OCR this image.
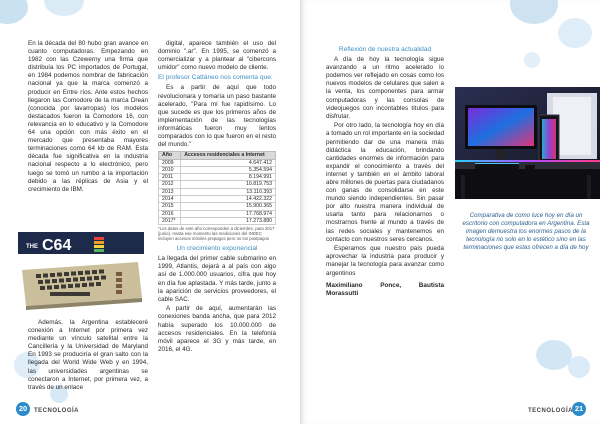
En la década del 80 hubo gran avance en cuanto computadoras. Empezando en 1982 con las Czewerny una firma que distribuía los PC importados de Portugal, en 1984 podemos nombrar de fabricación nacional ya que la marca comenzó a producir en Entre ríos. Ante estos hechos llegaron las Comodore de la marca Drean (conocida por lavarropas) los modelos destacados fueron la Comodore 16, con relevancia en lo educativo y la Comodore 64 una opción con más éxito en el mercado que presentaba mayores terminaciones como 64 kb de RAM. Esta década fue significativa en la industria nacional respecto a lo electrónico, pero luego se tomó un rumbo a la importación debido a las réplicas de Asia y el crecimiento de IBM.

THE C64

Además, la Argentina estableceré conexión a Internet por primera vez mediante un vínculo satelital entre la Cancillería y la Universidad de Maryland En 1993 se produciría el gran salto con la llegada del World Wide Web y en 1994, las universidades argentinas se conectaron a Internet, por primera vez, a través de un enlace

digital, aparece también el uso del dominio ".ar". En 1995, se comenzó a comercializar y a plantear al "cibercons umidor" como nuevo modelo de cliente.

El profesor Cattáneo nos comenta que:

Es a partir de aquí que todo revolucionara y tomaría un paso bastante acelerado, "Para mí fue rapidísimo. Lo que sucede es que los primeros años de implementación de las tecnologías informáticas fueron muy lentos comparados con lo que fueron en el resto del mundo."

Año	Accesos residenciales a Internet
2009	4.647.412
2010	5.354.594
2011	8.194.991
2012	10.819.753
2013	13.110.393
2014	14.422.322
2015	15.900.365
2016	17.768.974
2017*	17.273.880
*Los datos de este año corresponden a diciembre, para 2017 (junio). Hasta ese momento las mediciones del INDEC incluyen accesos móviles prepagos pero no los postpagos
Un crecimiento exponencial

La llegada del primer cable submarino en 1999, Atlantis, dejará a al país con algo así de 1.000.000 usuarios, cifra que hoy en día fue aplastada. Y más tarde, junto a la aparición de servicios proveedores, el cable SAC.

A partir de aquí, aumentarán las conexiones banda ancha, que para 2012 había superado los 10.000.000 de accesos residenciales. En la telefonía móvil aparece el 3G y más tarde, en 2016, el 4G.

20	TECNOLOGÍA
Reflexión de nuestra actualidad

A día de hoy la tecnología sigue avanzando a un ritmo acelerado lo podemos ver reflejado en cosas como los nuevos modelos de celulares que salen a la venta, los componentes para armar computadoras y las consolas de videojuegos con incontables títulos para disfrutar.

Por otro lado, la tecnología hoy en día a tomado un rol importante en la sociedad permitiendo dar de una manera más didáctica la educación, brindando cantidades enormes de información para expandir el conocimiento a través del internet y también en el ámbito laboral abre millones de puertas para ciudadanos con ganas de consolidarse en este mundo siendo independientes. Sin pasar por alto nuestra manera individual de usarla tanto para relacionarnos o mostrarnos frente al mundo a través de las redes sociales y mantenemos en contacto con nuestros seres cercanos.

Esperamos que nuestro país pueda aprovechar la industria para producir y manejar la tecnología para avanzar como argentinos

Maximiliano Ponce, Bautista Morassutti
21
TECNOLOGÍA
Comparativa de como luce hoy en día un escritorio con computadora en Argentina. Esta imagen demuestra los enormes pasos de la tecnología no solo en lo estético sino en las terminaciones que estas ofrecen a día de hoy
